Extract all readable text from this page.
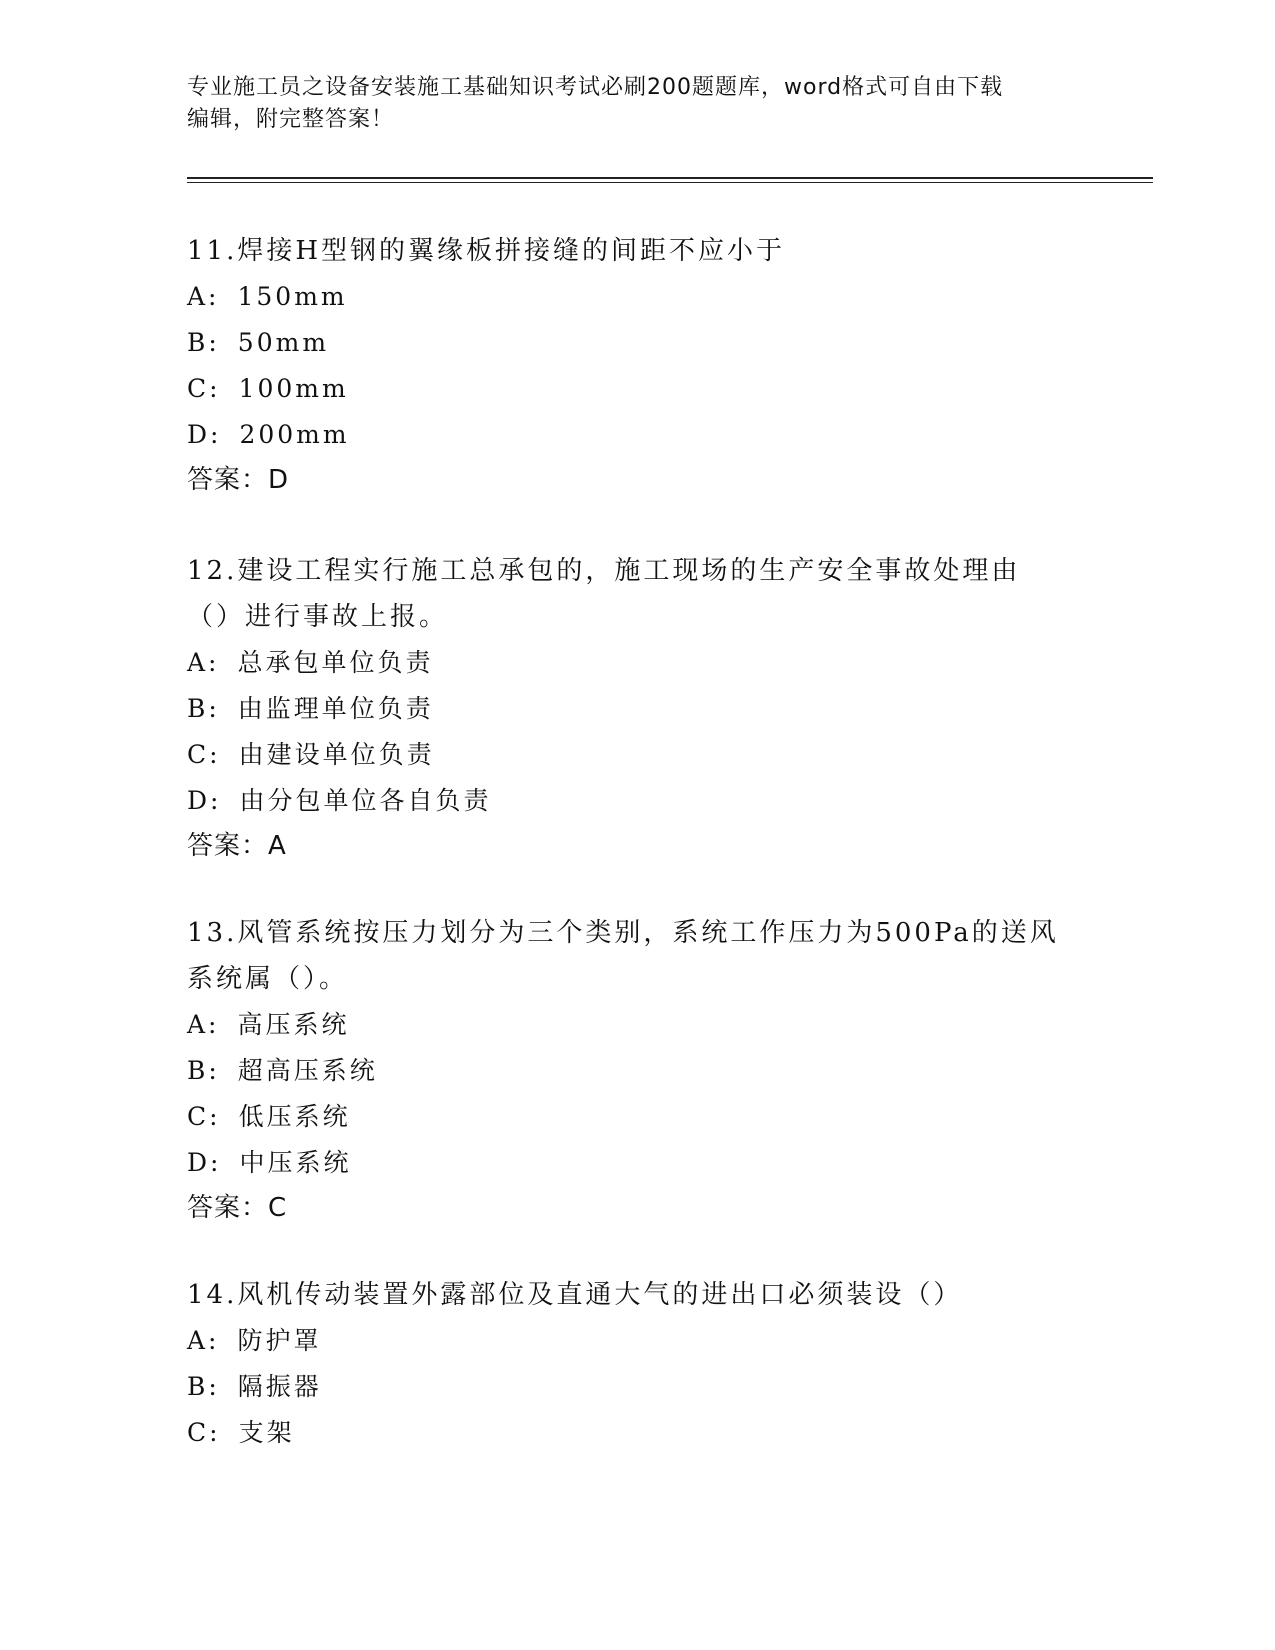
专业施工员之设备安装施工基础知识考试必刷200题题库，word格式可自由下载
编辑，附完整答案！

11.焊接H型钢的翼缘板拼接缝的间距不应小于

A: 150mm

B: 50mm

C: 100mm

D: 200mm

答案：D

12.建设工程实行施工总承包的，施工现场的生产安全事故处理由（）进行事故上报。

A: 总承包单位负责

B: 由监理单位负责

C: 由建设单位负责

D: 由分包单位各自负责

答案：A

13.风管系统按压力划分为三个类别，系统工作压力为500Pa的送风系统属（）。

A: 高压系统

B: 超高压系统

C: 低压系统

D: 中压系统

答案：C

14.风机传动装置外露部位及直通大气的进出口必须装设（）

A: 防护罩

B: 隔振器

C: 支架
